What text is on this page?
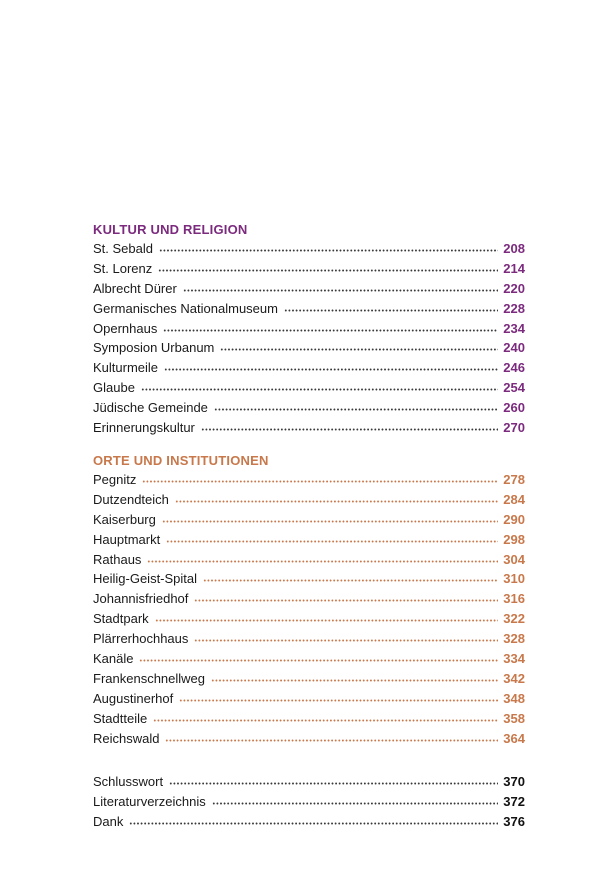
KULTUR UND RELIGION
St. Sebald	208
St. Lorenz	214
Albrecht Dürer	220
Germanisches Nationalmuseum	228
Opernhaus	234
Symposion Urbanum	240
Kulturmeile	246
Glaube	254
Jüdische Gemeinde	260
Erinnerungskultur	270
ORTE UND INSTITUTIONEN
Pegnitz	278
Dutzendteich	284
Kaiserburg	290
Hauptmarkt	298
Rathaus	304
Heilig-Geist-Spital	310
Johannisfriedhof	316
Stadtpark	322
Plärrerhochhaus	328
Kanäle	334
Frankenschnellweg	342
Augustinerhof	348
Stadtteile	358
Reichswald	364
Schlusswort	370
Literaturverzeichnis	372
Dank	376
